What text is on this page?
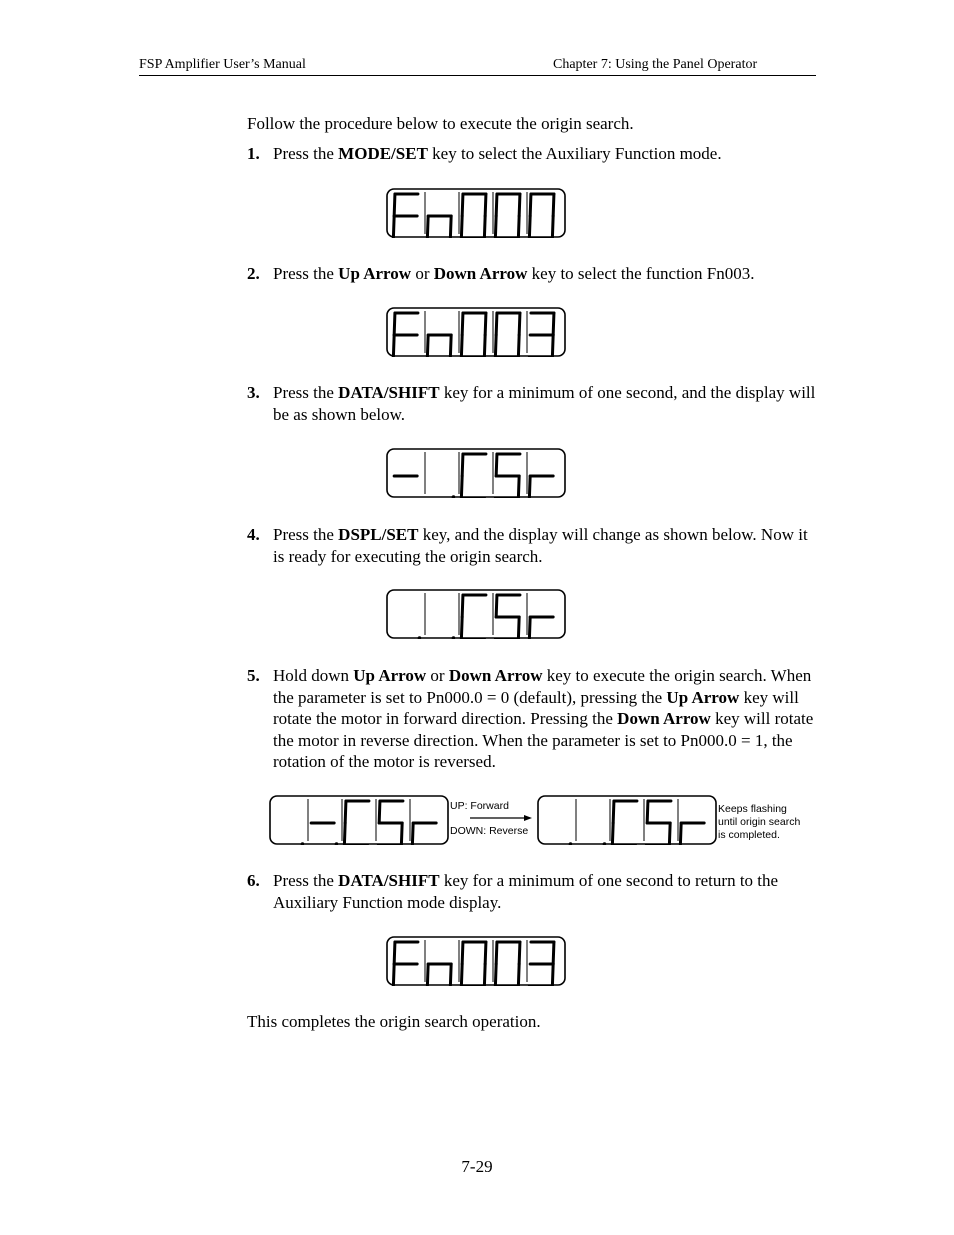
FSP Amplifier User’s Manual	Chapter 7: Using the Panel Operator
Follow the procedure below to execute the origin search.
1. Press the MODE/SET key to select the Auxiliary Function mode.
2. Press the Up Arrow or Down Arrow key to select the function Fn003.
3. Press the DATA/SHIFT key for a minimum of one second, and the display will be as shown below.
4. Press the DSPL/SET key, and the display will change as shown below. Now it is ready for executing the origin search.
5. Hold down Up Arrow or Down Arrow key to execute the origin search. When the parameter is set to Pn000.0 = 0 (default), pressing the Up Arrow key will rotate the motor in forward direction. Pressing the Down Arrow key will rotate the motor in reverse direction. When the parameter is set to Pn000.0 = 1, the rotation of the motor is reversed.
UP: Forward
DOWN: Reverse
Keeps flashing
until origin search
is completed.
6. Press the DATA/SHIFT key for a minimum of one second to return to the Auxiliary Function mode display.
This completes the origin search operation.
7-29
